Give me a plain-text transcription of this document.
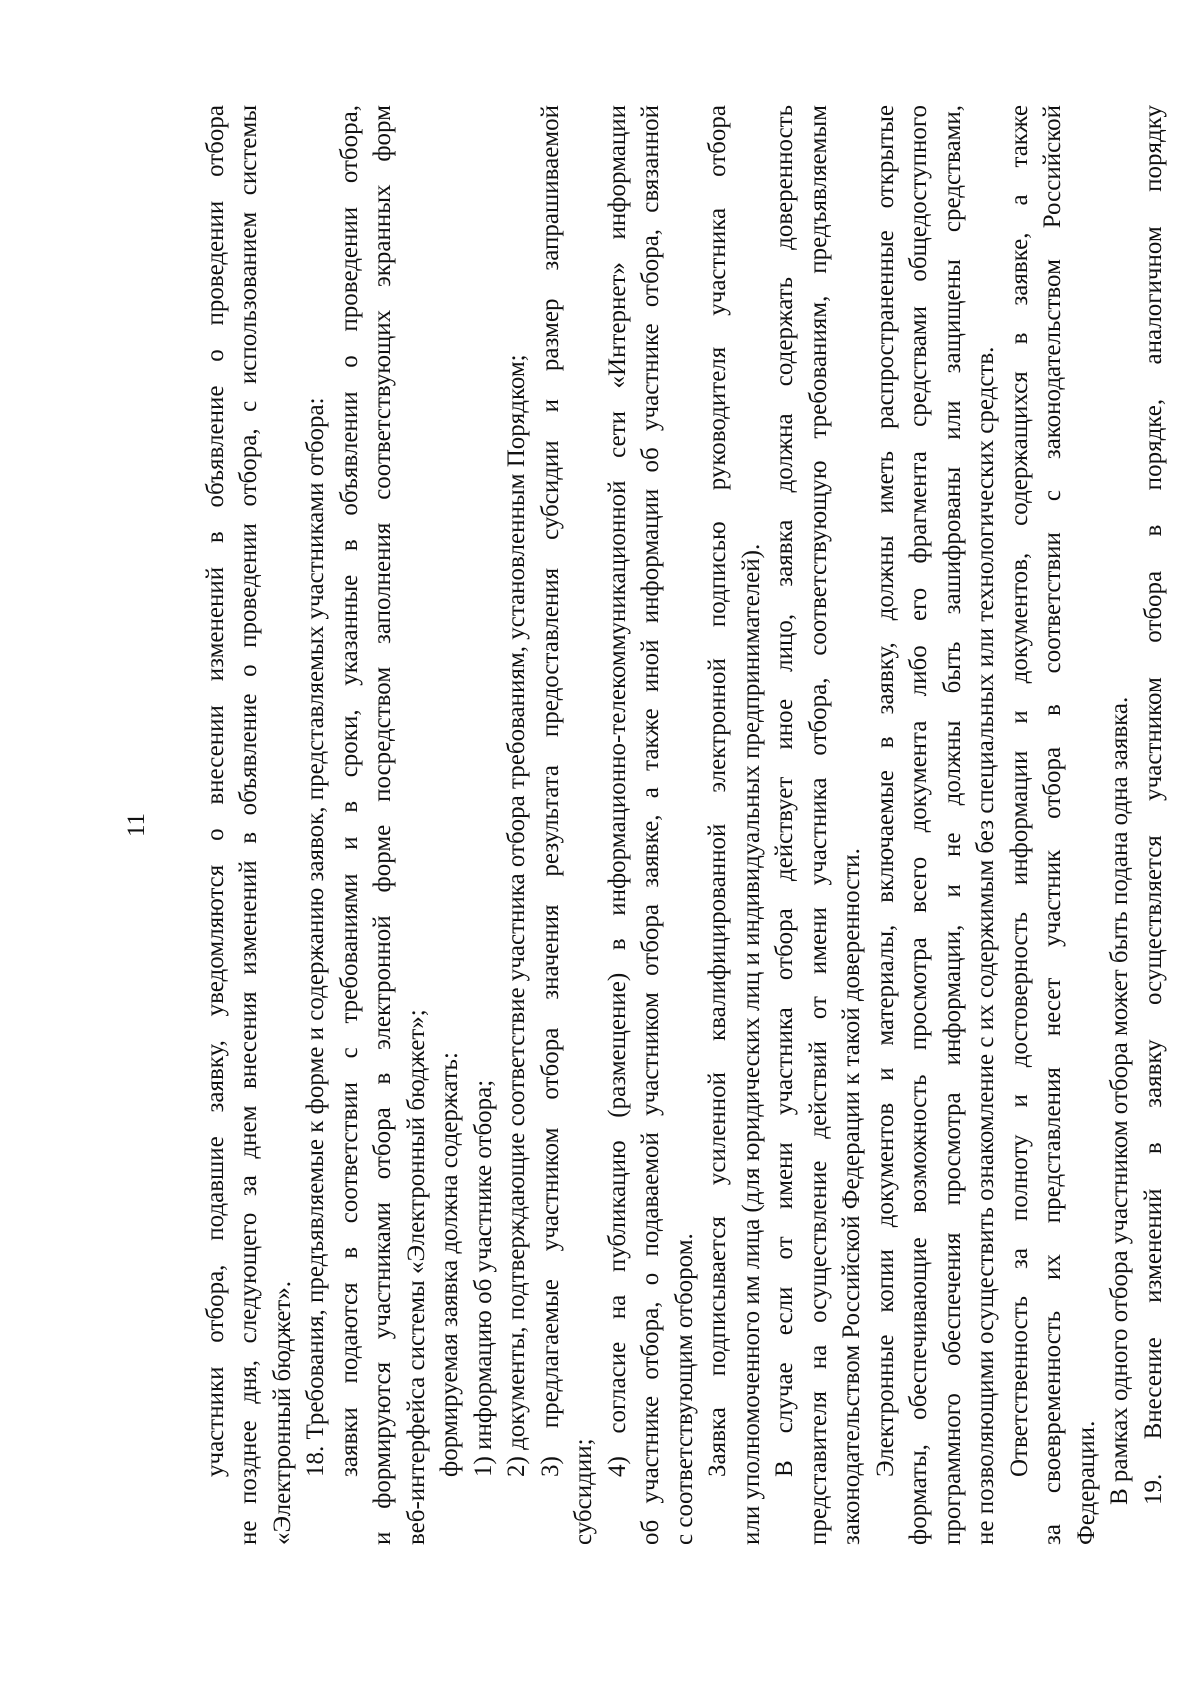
11 участники отбора, подавшие заявку, уведомляются о внесении изменений в объявление о проведении отбора не позднее дня, следующего за днем внесения изменений в объявление о проведении отбора, с использованием системы «Электронный бюджет». 18. Требования, предъявляемые к форме и содержанию заявок, представляемых участниками отбора: заявки подаются в соответствии с требованиями и в сроки, указанные в объявлении о проведении отбора, и формируются участниками отбора в электронной форме посредством заполнения соответствующих экранных форм веб-интерфейса системы «Электронный бюджет»; формируемая заявка должна содержать: 1) информацию об участнике отбора; 2) документы, подтверждающие соответствие участника отбора требованиям, установленным Порядком; 3) предлагаемые участником отбора значения результата предоставления субсидии и размер запрашиваемой
субсидии;
4) согласие на публикацию (размещение) в информационно-телекоммуникационной сети «Интернет» информации об участнике отбора, о подаваемой участником отбора заявке, а также иной информации об участнике отбора, связанной с соответствующим отбором. Заявка подписывается усиленной квалифицированной электронной подписью руководителя участника отбора или уполномоченного им лица (для юридических лиц и индивидуальных предпринимателей). В случае если от имени участника отбора действует иное лицо, заявка должна содержать доверенность представителя на осуществление действий от имени участника отбора, соответствующую требованиям, предъявляемым законодательством Российской Федерации к такой доверенности. Электронные копии документов и материалы, включаемые в заявку, должны иметь распространенные открытые форматы, обеспечивающие возможность просмотра всего документа либо его фрагмента средствами общедоступного программного обеспечения просмотра информации, и не должны быть зашифрованы или защищены средствами, не позволяющими осуществить ознакомление с их содержимым без специальных или технологических средств. Ответственность за полноту и достоверность информации и документов, содержащихся в заявке, а также за своевременность их представления несет участник отбора в соответствии с законодательством Российской Федерации. В рамках одного отбора участником отбора может быть подана одна заявка. 19. Внесение изменений в заявку осуществляется участником отбора в порядке, аналогичном порядку
